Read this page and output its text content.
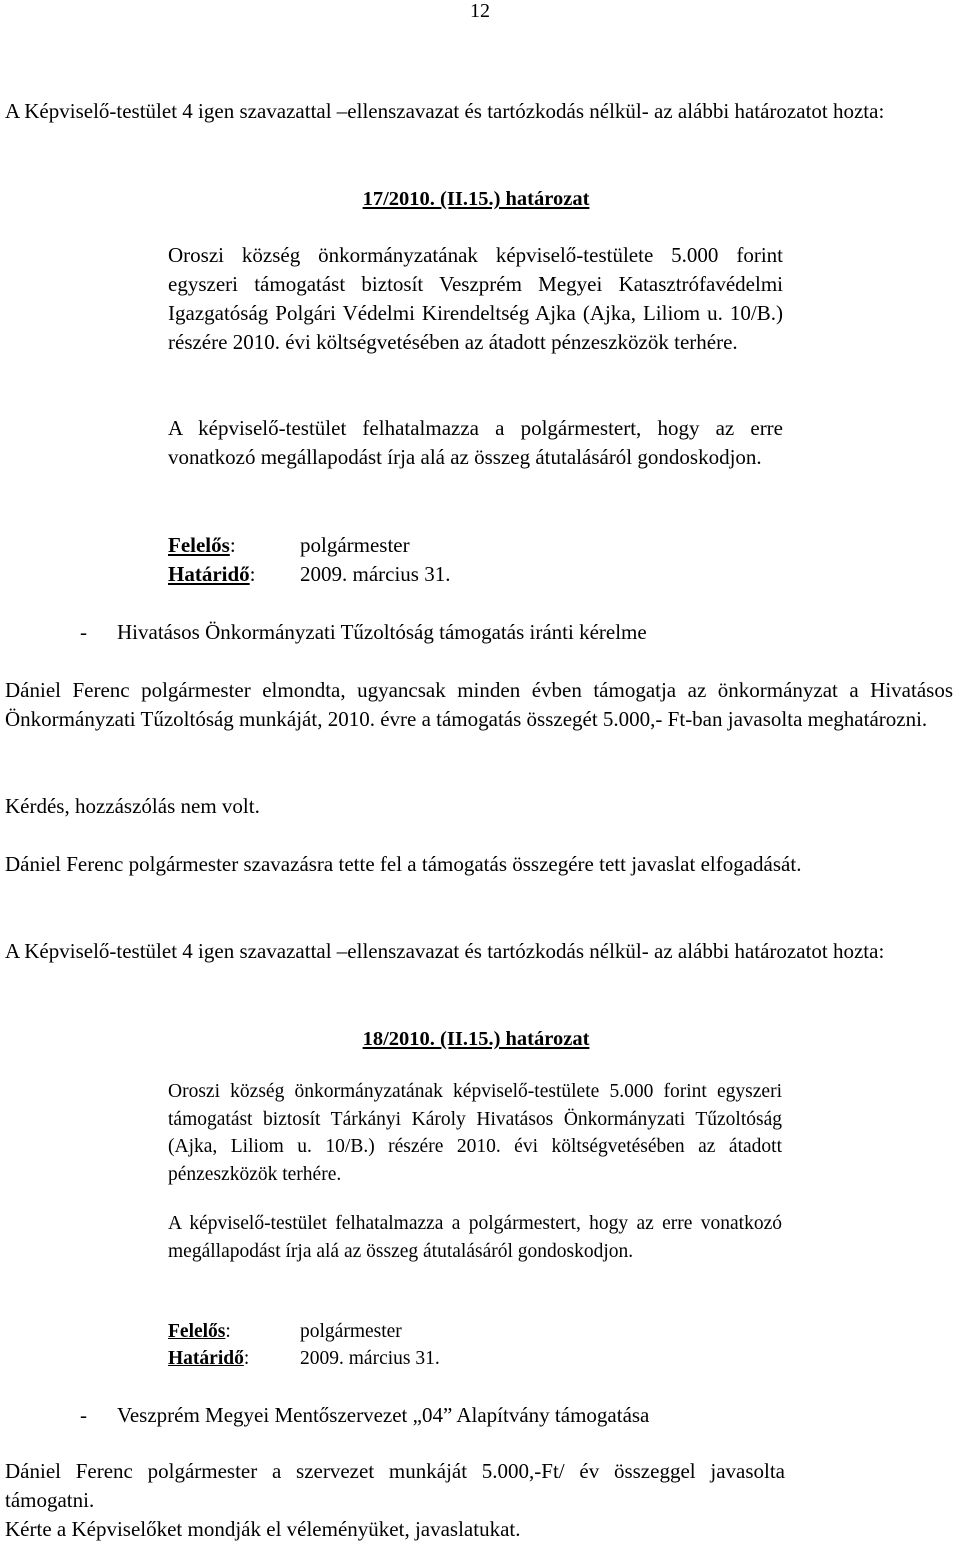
12

A Képviselő-testület 4 igen szavazattal –ellenszavazat és tartózkodás nélkül- az alábbi határozatot hozta:

17/2010. (II.15.) határozat

Oroszi község önkormányzatának képviselő-testülete 5.000 forint egyszeri támogatást biztosít Veszprém Megyei Katasztrófavédelmi Igazgatóság Polgári Védelmi Kirendeltség Ajka (Ajka, Liliom u. 10/B.) részére 2010. évi költségvetésében az átadott pénzeszközök terhére.

A képviselő-testület felhatalmazza a polgármestert, hogy az erre vonatkozó megállapodást írja alá az összeg átutalásáról gondoskodjon.

Felelős:	polgármester
Határidő: 2009. március 31.
- Hivatásos Önkormányzati Tűzoltóság támogatás iránti kérelme

Dániel Ferenc polgármester elmondta, ugyancsak minden évben támogatja az önkormányzat a Hivatásos Önkormányzati Tűzoltóság munkáját, 2010. évre a támogatás összegét 5.000,- Ft-ban javasolta meghatározni.

Kérdés, hozzászólás nem volt.

Dániel Ferenc polgármester szavazásra tette fel a támogatás összegére tett javaslat elfogadását.

A Képviselő-testület 4 igen szavazattal –ellenszavazat és tartózkodás nélkül- az alábbi határozatot hozta:

18/2010. (II.15.) határozat

Oroszi község önkormányzatának képviselő-testülete 5.000 forint egyszeri támogatást biztosít Tárkányi Károly Hivatásos Önkormányzati Tűzoltóság (Ajka, Liliom u. 10/B.) részére 2010. évi költségvetésében az átadott pénzeszközök terhére.

A képviselő-testület felhatalmazza a polgármestert, hogy az erre vonatkozó megállapodást írja alá az összeg átutalásáról gondoskodjon.

Felelős:	polgármester
Határidő:	2009. március 31.
- Veszprém Megyei Mentőszervezet „04” Alapítvány támogatása

Dániel Ferenc polgármester a szervezet munkáját 5.000,-Ft/ év összeggel javasolta támogatni.

Kérte a Képviselőket mondják el véleményüket, javaslatukat.
